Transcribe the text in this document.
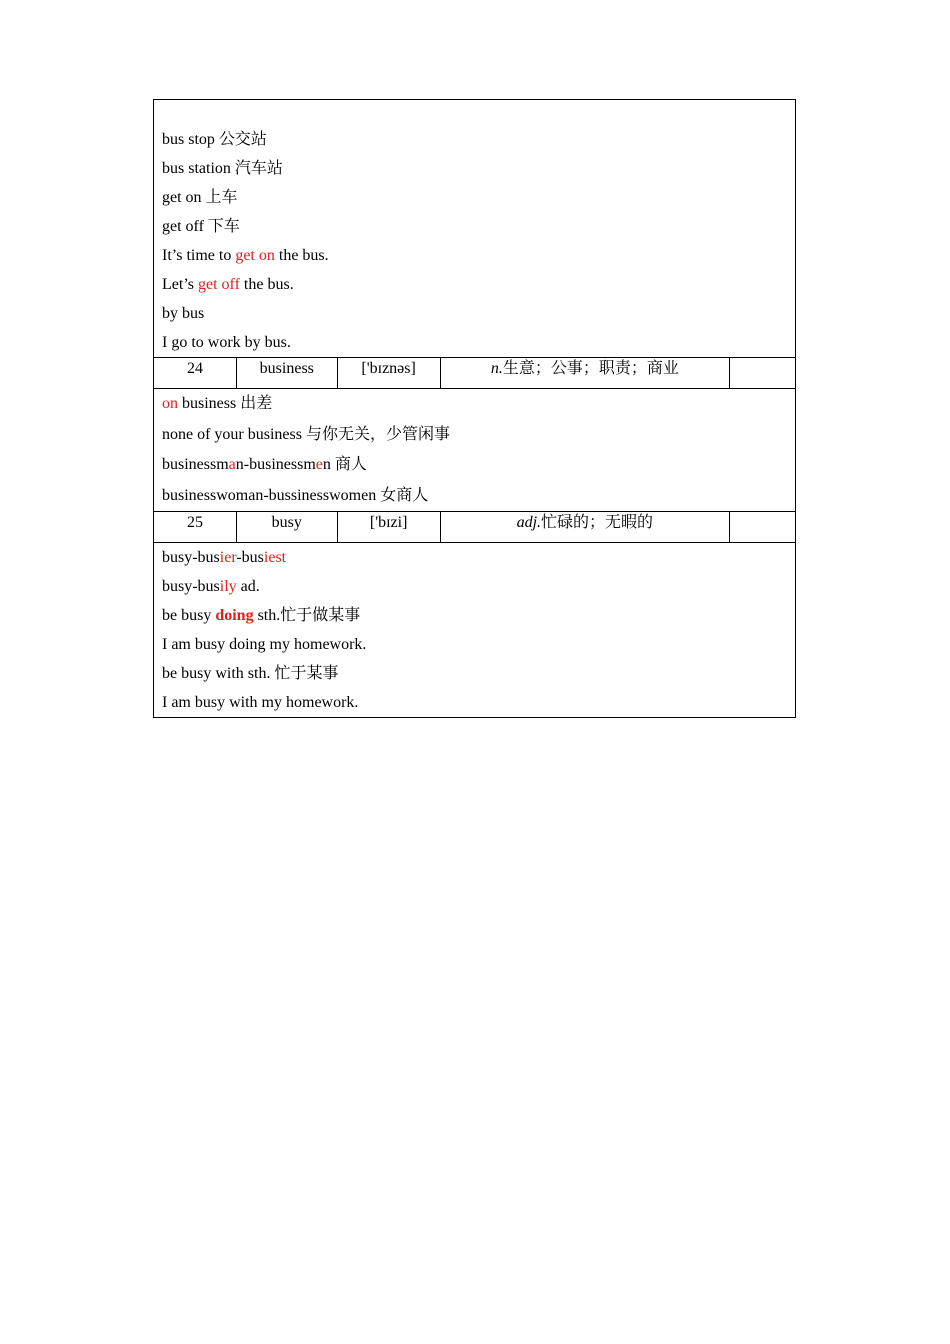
bus stop 公交站
bus station 汽车站
get on 上车
get off 下车
It’s time to get on the bus.
Let’s get off the bus.
by bus
I go to work by bus.
24	business	['bɪznəs]	n.生意；公事；职责；商业
on business 出差
none of your business 与你无关，少管闲事
businessman-businessmen 商人
businesswoman-bussinesswomen 女商人
25	busy	['bɪzi]	adj.忙碌的；无暇的
busy-busier-busiest
busy-busily ad.
be busy doing sth.忙于做某事
I am busy doing my homework.
be busy with sth. 忙于某事
I am busy with my homework.
